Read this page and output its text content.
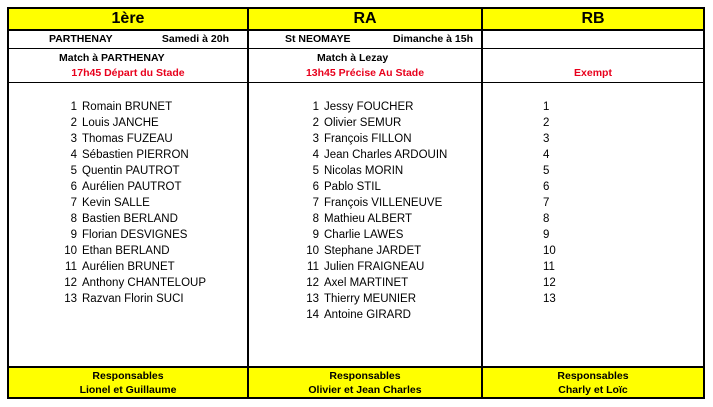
1ère
PARTHENAY	Samedi à 20h
Match à PARTHENAY
17h45 Départ du Stade
1 Romain BRUNET
2 Louis JANCHE
3 Thomas FUZEAU
4 Sébastien PIERRON
5 Quentin PAUTROT
6 Aurélien PAUTROT
7 Kevin SALLE
8 Bastien BERLAND
9 Florian DESVIGNES
10 Ethan BERLAND
11 Aurélien BRUNET
12 Anthony CHANTELOUP
13 Razvan Florin SUCI
Responsables
Lionel et Guillaume
RA
St NEOMAYE	Dimanche à 15h
Match à Lezay
13h45 Précise Au Stade
1 Jessy FOUCHER
2 Olivier SEMUR
3 François FILLON
4 Jean Charles ARDOUIN
5 Nicolas MORIN
6 Pablo STIL
7 François VILLENEUVE
8 Mathieu ALBERT
9 Charlie LAWES
10 Stephane JARDET
11 Julien FRAIGNEAU
12 Axel MARTINET
13 Thierry MEUNIER
14 Antoine GIRARD
Responsables
Olivier et Jean Charles
RB
Exempt
1
2
3
4
5
6
7
8
9
10
11
12
13
Responsables
Charly et Loïc
